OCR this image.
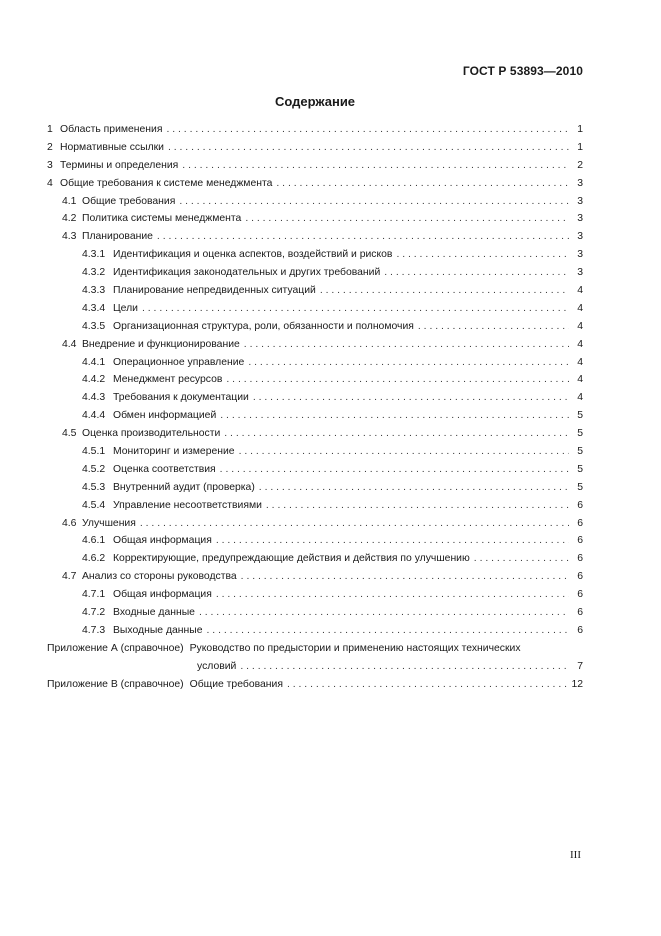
ГОСТ Р 53893—2010
Содержание
1 Область применения . . .	1
2 Нормативные ссылки . . .	1
3 Термины и определения . . .	2
4 Общие требования к системе менеджмента . . .	3
4.1 Общие требования . . .	3
4.2 Политика системы менеджмента . . .	3
4.3 Планирование . . .	3
4.3.1 Идентификация и оценка аспектов, воздействий и рисков . . .	3
4.3.2 Идентификация законодательных и других требований . . .	3
4.3.3 Планирование непредвиденных ситуаций . . .	4
4.3.4 Цели . . .	4
4.3.5 Организационная структура, роли, обязанности и полномочия . . .	4
4.4 Внедрение и функционирование . . .	4
4.4.1 Операционное управление . . .	4
4.4.2 Менеджмент ресурсов . . .	4
4.4.3 Требования к документации . . .	4
4.4.4 Обмен информацией . . .	5
4.5 Оценка производительности . . .	5
4.5.1 Мониторинг и измерение . . .	5
4.5.2 Оценка соответствия . . .	5
4.5.3 Внутренний аудит (проверка) . . .	5
4.5.4 Управление несоответствиями . . .	6
4.6 Улучшения . . .	6
4.6.1 Общая информация . . .	6
4.6.2 Корректирующие, предупреждающие действия и действия по улучшению . . .	6
4.7 Анализ со стороны руководства . . .	6
4.7.1 Общая информация . . .	6
4.7.2 Входные данные . . .	6
4.7.3 Выходные данные . . .	6
Приложение А (справочное) Руководство по предыстории и применению настоящих технических
условий . . .	7
Приложение В (справочное) Общие требования . . .	12
III
